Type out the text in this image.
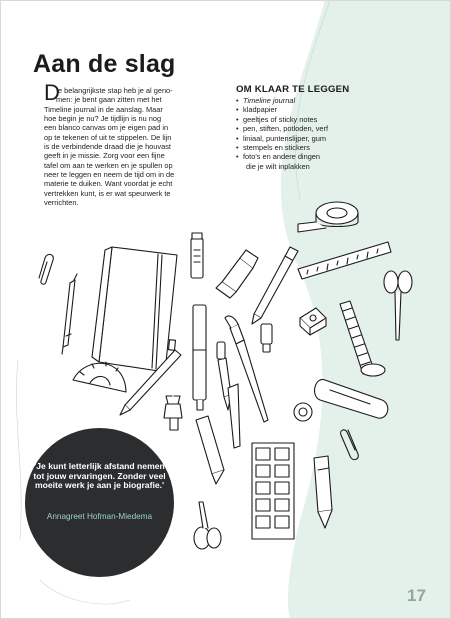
Aan de slag
D
e belangrijkste stap heb je al geno-
men: je bent gaan zitten met het
Timeline journal in de aanslag. Maar
hoe begin je nu? Je tijdlijn is nu nog
een blanco canvas om je eigen pad in
op te tekenen of uit te stippelen. De lijn
is de verbindende draad die je houvast
geeft in je missie. Zorg voor een fijne
tafel om aan te werken en je spullen op
neer te leggen en neem de tijd om in de
materie te duiken. Want voordat je echt
vertrekken kunt, is er wat speurwerk te
verrichten.
OM KLAAR TE LEGGEN
• Timeline journal
• kladpapier
• geeltjes of sticky notes
• pen, stiften, potloden, verf
• liniaal, puntenslijper, gum
• stempels en stickers
• foto's en andere dingen
die je wilt inplakken
'Je kunt letterlijk afstand nemen tot jouw ervaringen. Zonder veel moeite werk je aan je biografie.'
Annagreet Hofman-Miedema
17
